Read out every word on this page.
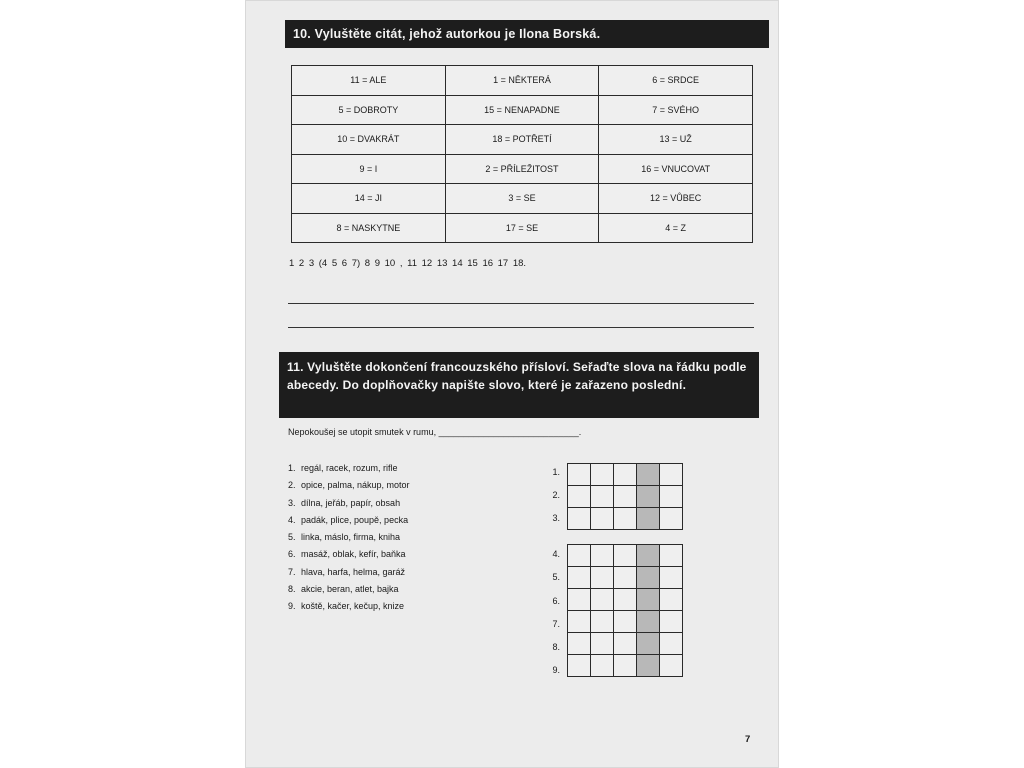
10. Vyluštěte citát, jehož autorkou je Ilona Borská.
11 = ALE	1 = NĚKTERÁ	6 = SRDCE
5 = DOBROTY	15 = NENAPADNE	7 = SVÉHO
10 = DVAKRÁT	18 = POTŘETÍ	13 = UŽ
9 = I	2 = PŘÍLEŽITOST	16 = VNUCOVAT
14 = JI	3 = SE	12 = VŮBEC
8 = NASKYTNE	17 = SE	4 = Z
1 2 3 (4 5 6 7) 8 9 10 , 11 12 13 14 15 16 17 18.
11. Vyluštěte dokončení francouzského přísloví. Seřaďte slova na řádku podle abecedy. Do doplňovačky napište slovo, které je zařazeno poslední.
Nepokoušej se utopit smutek v rumu, ____________________________.
1. regál, racek, rozum, rifle
2. opice, palma, nákup, motor
3. dílna, jeřáb, papír, obsah
4. padák, plice, poupě, pecka
5. linka, máslo, firma, kniha
6. masáž, oblak, kefír, baňka
7. hlava, harfa, helma, garáž
8. akcie, beran, atlet, bajka
9. koště, kačer, kečup, knize

1.
2.
3.
4.
5.
6.
7.
8.
9.
7
